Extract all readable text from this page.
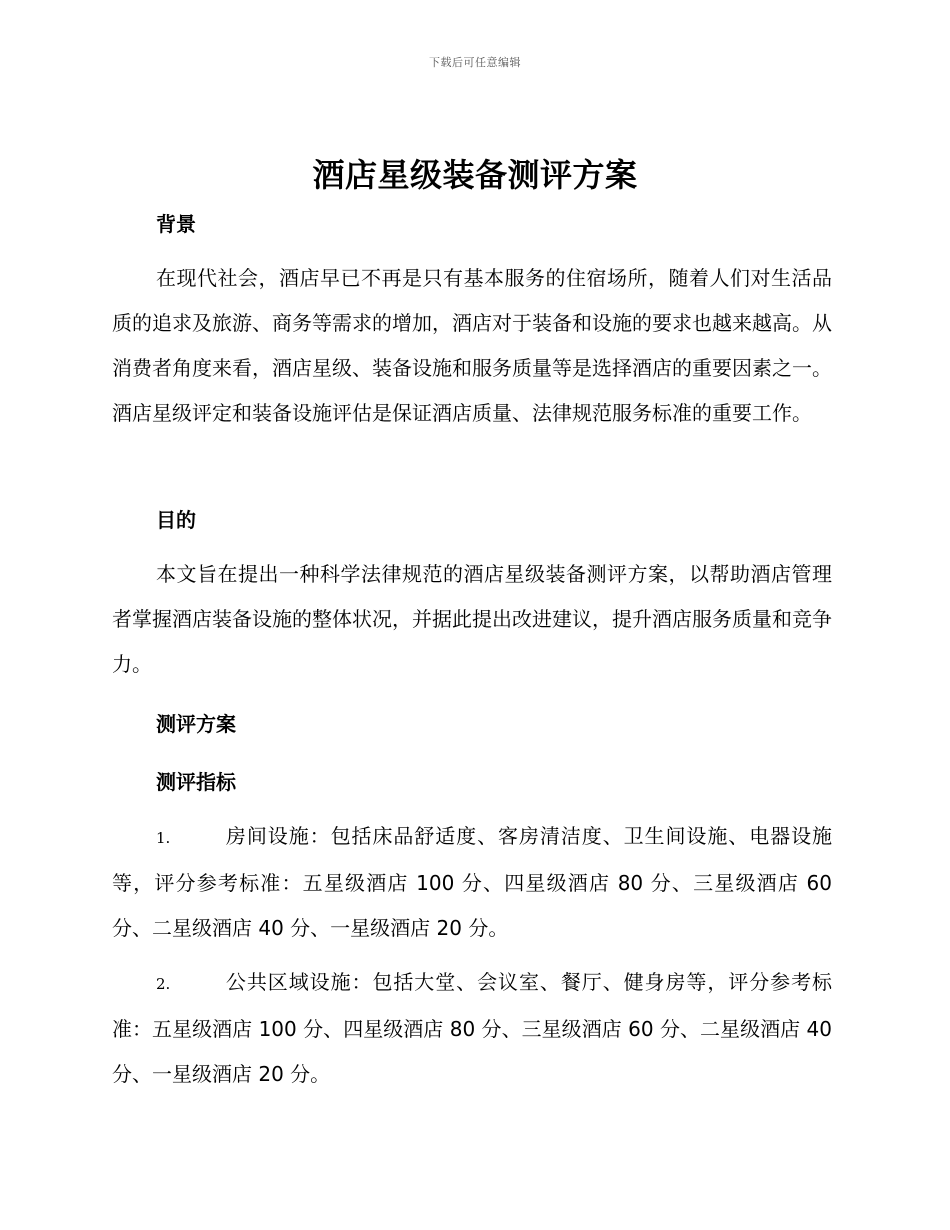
下载后可任意编辑
酒店星级装备测评方案
背景
在现代社会，酒店早已不再是只有基本服务的住宿场所，随着人们对生活品质的追求及旅游、商务等需求的增加，酒店对于装备和设施的要求也越来越高。从消费者角度来看，酒店星级、装备设施和服务质量等是选择酒店的重要因素之一。酒店星级评定和装备设施评估是保证酒店质量、法律规范服务标准的重要工作。
目的
本文旨在提出一种科学法律规范的酒店星级装备测评方案，以帮助酒店管理者掌握酒店装备设施的整体状况，并据此提出改进建议，提升酒店服务质量和竞争力。
测评方案
测评指标
1.	房间设施：包括床品舒适度、客房清洁度、卫生间设施、电器设施等，评分参考标准：五星级酒店 100 分、四星级酒店 80 分、三星级酒店 60 分、二星级酒店 40 分、一星级酒店 20 分。
2.	公共区域设施：包括大堂、会议室、餐厅、健身房等，评分参考标准：五星级酒店 100 分、四星级酒店 80 分、三星级酒店 60 分、二星级酒店 40 分、一星级酒店 20 分。
